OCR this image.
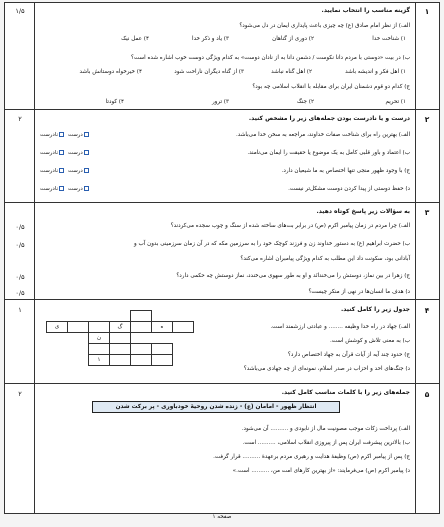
۱/۵	۱
گزینه مناسب را انتخاب نمایید.
الف) از نظر امام صادق (ع) چه چیزی باعث پایداری ایمان در دل می‌شود؟
۱) شناخت خدا
۲) دوری از گناهان
۳) یاد و ذکر خدا
۴) عمل نیک
ب) در بیت «دوستی با مردم دانا نکوست / دشمن دانا به از نادان دوست» به کدام ویژگی دوست خوب اشاره شده است؟
۱) اهل فکر و اندیشه باشد
۲) اهل گناه نباشد
۳) از گناه دیگران ناراحت شود
۴) خیرخواه دوستانش باشد
ج) کدام دو قوم دشمنان ایران برای مقابله با انقلاب اسلامی چه بود؟
۱) تحریم
۲) جنگ
۳) ترور
۴) کودتا
۲	۲
درست و یا نادرست بودن جمله‌های زیر را مشخص کنید.
الف) بهترین راه برای شناخت صفات خداوند، مراجعه به سخن خدا می‌باشد.
درست
نادرست
ب) اعتماد و باور قلبی کامل به یک موضوع یا حقیقت را ایمان می‌نامند.
درست
نادرست
ج) با وجود ظهور منجی تنها اختصاص به ما شیعیان دارد.
درست
نادرست
د) حفظ دوستی از پیدا کردن دوست مشکل‌تر نیست.
درست
نادرست
۰/۵
۰/۵
۰/۵
۰/۵
۳
به سؤالات زیر پاسخ کوتاه دهید.
الف) چرا مردم در زمان پیامبر اکرم (ص) در برابر بت‌های ساخته شده از سنگ و چوب سجده می‌کردند؟
ب) حضرت ابراهیم (ع) به دستور خداوند زن و فرزند کوچک خود را به سرزمین مکه که در آن زمان سرزمینی بدون آب و
آبادانی بود، سکونت داد این مطلب به کدام ویژگی پیامبران اشاره می‌کند؟
ج) زهرا در بین نماز، دوستش را می‌خندانَد و او به طور سهوی می‌خندد، نماز دوستش چه حکمی دارد؟
د) هدف ما انسان‌ها در نهی از منکر چیست؟
۱	۴

ی			گ		ه	
		ن				

		۱				
جدول زیر را کامل کنید.
الف) جهاد در راه خدا وظیفه ........ و عبادتی ارزشمند است.
ب) به معنی تلاش و کوشش است.
ج) حدود چند آیه از آیات قرآن به جهاد اختصاص دارد؟
د) جنگ‌های احد و احزاب در صدر اسلام، نمونه‌ای از چه جهادی می‌باشد؟
۲	۵
جمله‌های زیر را با کلمات مناسب کامل کنید.
انتظار ظهور - امامان (ع) - زنده شدن روحیهٔ خودباوری - پر برکت شدن
الف) پرداخت زکات موجب مصونیت مال از نابودی و .......... آن می‌شود.
ب) بالاترین پیشرفت ایران پس از پیروزی انقلاب اسلامی، .......... است.
ج) پس از پیامبر اکرم (ص) وظیفهٔ هدایت و رهبری مردم برعهدهٔ .......... قرار گرفت.
د) پیامبر اکرم (ص) می‌فرمایند: «از بهترین کارهای امت من، .......... است.»
صفحه ۱
